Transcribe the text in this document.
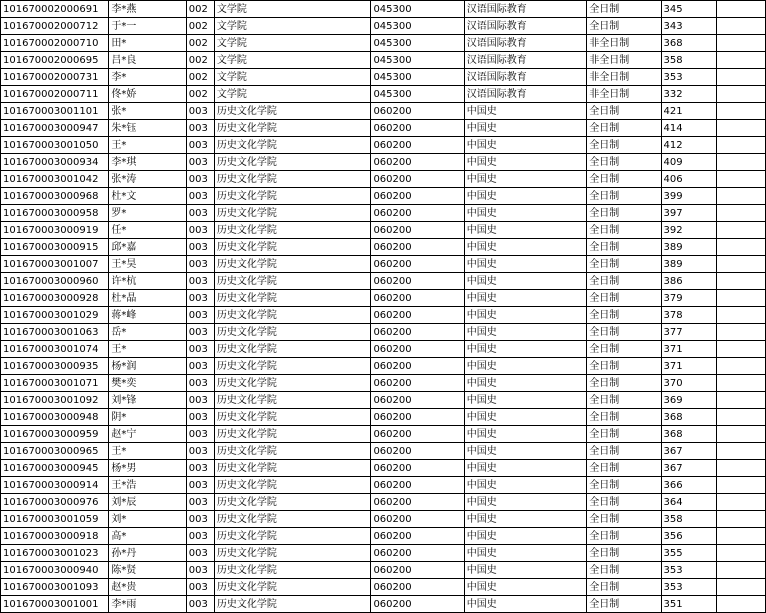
101670002000691	李*燕	002	文学院	045300	汉语国际教育	全日制	345	
101670002000712	于*一	002	文学院	045300	汉语国际教育	全日制	343	
101670002000710	田*	002	文学院	045300	汉语国际教育	非全日制	368	
101670002000695	吕*良	002	文学院	045300	汉语国际教育	非全日制	358	
101670002000731	李*	002	文学院	045300	汉语国际教育	非全日制	353	
101670002000711	佟*娇	002	文学院	045300	汉语国际教育	非全日制	332	
101670003001101	张*	003	历史文化学院	060200	中国史	全日制	421	
101670003000947	朱*钰	003	历史文化学院	060200	中国史	全日制	414	
101670003001050	王*	003	历史文化学院	060200	中国史	全日制	412	
101670003000934	李*琪	003	历史文化学院	060200	中国史	全日制	409	
101670003001042	张*涛	003	历史文化学院	060200	中国史	全日制	406	
101670003000968	杜*文	003	历史文化学院	060200	中国史	全日制	399	
101670003000958	罗*	003	历史文化学院	060200	中国史	全日制	397	
101670003000919	任*	003	历史文化学院	060200	中国史	全日制	392	
101670003000915	邱*嘉	003	历史文化学院	060200	中国史	全日制	389	
101670003001007	王*昊	003	历史文化学院	060200	中国史	全日制	389	
101670003000960	许*杭	003	历史文化学院	060200	中国史	全日制	386	
101670003000928	杜*晶	003	历史文化学院	060200	中国史	全日制	379	
101670003001029	蒋*峰	003	历史文化学院	060200	中国史	全日制	378	
101670003001063	岳*	003	历史文化学院	060200	中国史	全日制	377	
101670003001074	王*	003	历史文化学院	060200	中国史	全日制	371	
101670003000935	杨*润	003	历史文化学院	060200	中国史	全日制	371	
101670003001071	樊*奕	003	历史文化学院	060200	中国史	全日制	370	
101670003001092	刘*锋	003	历史文化学院	060200	中国史	全日制	369	
101670003000948	阴*	003	历史文化学院	060200	中国史	全日制	368	
101670003000959	赵*宁	003	历史文化学院	060200	中国史	全日制	368	
101670003000965	王*	003	历史文化学院	060200	中国史	全日制	367	
101670003000945	杨*男	003	历史文化学院	060200	中国史	全日制	367	
101670003000914	王*浩	003	历史文化学院	060200	中国史	全日制	366	
101670003000976	刘*辰	003	历史文化学院	060200	中国史	全日制	364	
101670003001059	刘*	003	历史文化学院	060200	中国史	全日制	358	
101670003000918	高*	003	历史文化学院	060200	中国史	全日制	356	
101670003001023	孙*丹	003	历史文化学院	060200	中国史	全日制	355	
101670003000940	陈*贤	003	历史文化学院	060200	中国史	全日制	353	
101670003001093	赵*贵	003	历史文化学院	060200	中国史	全日制	353	
101670003001001	李*雨	003	历史文化学院	060200	中国史	全日制	351	
